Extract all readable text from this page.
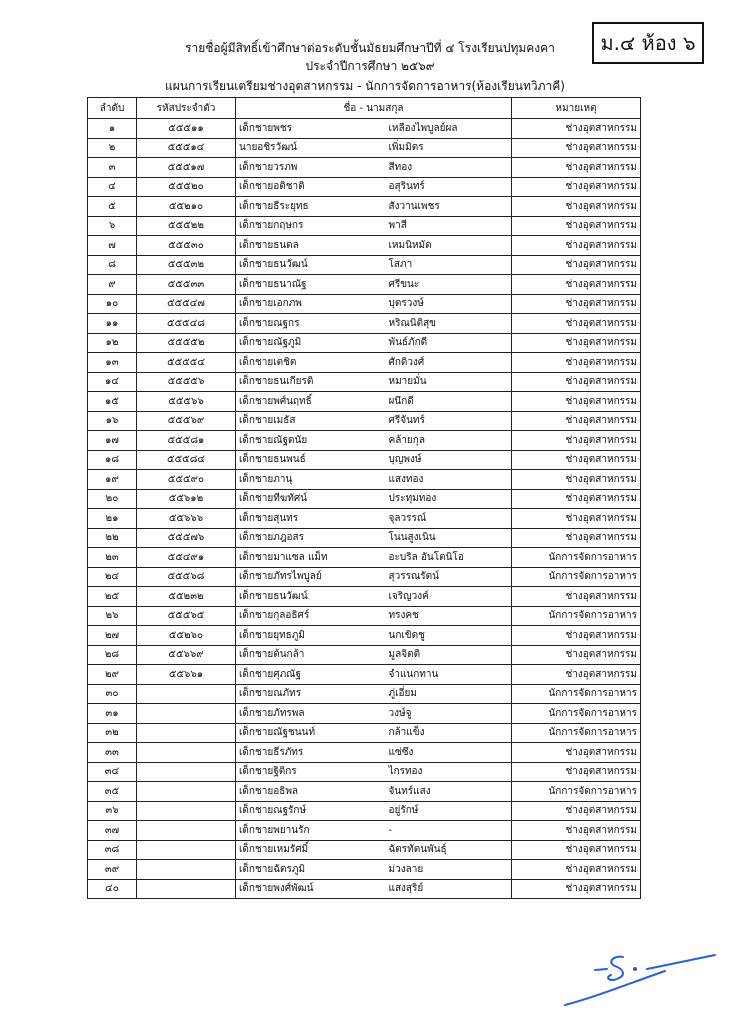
รายชื่อผู้มีสิทธิ์เข้าศึกษาต่อระดับชั้นมัธยมศึกษาปีที่ ๔ โรงเรียนปทุมคงคา
ประจำปีการศึกษา ๒๕๖๙
แผนการเรียนเตรียมช่างอุตสาหกรรม - นักการจัดการอาหาร(ห้องเรียนทวิภาคี)
ม.๔ ห้อง ๖
ลำดับ	รหัสประจำตัว	ชื่อ - นามสกุล		หมายเหตุ
๑	๕๕๕๑๑	เด็กชายพชร	เหลืองไพบูลย์ผล	ช่างอุตสาหกรรม
๒	๕๕๕๑๔	นายอชิรวัฒน์	เพิ่มมิตร	ช่างอุตสาหกรรม
๓	๕๕๕๑๗	เด็กชายวรภพ	สีทอง	ช่างอุตสาหกรรม
๔	๕๕๕๒๐	เด็กชายอติชาติ	อสุรินทร์	ช่างอุตสาหกรรม
๕	๕๕๒๑๐	เด็กชายธีระยุทธ	สังวานเพชร	ช่างอุตสาหกรรม
๖	๕๕๕๒๒	เด็กชายกฤษกร	พาสี	ช่างอุตสาหกรรม
๗	๕๕๕๓๐	เด็กชายธนดล	เหมนิหมัด	ช่างอุตสาหกรรม
๘	๕๕๕๓๒	เด็กชายธนวัฒน์	โสภา	ช่างอุตสาหกรรม
๙	๕๕๕๓๓	เด็กชายธนาณัฐ	ศรีขนะ	ช่างอุตสาหกรรม
๑๐	๕๕๕๔๗	เด็กชายเอกภพ	บุตรวงษ์	ช่างอุตสาหกรรม
๑๑	๕๕๕๔๘	เด็กชายณฐกร	หริณนิติสุข	ช่างอุตสาหกรรม
๑๒	๕๕๕๕๒	เด็กชายณัฐภูมิ	พันธ์ภักดี	ช่างอุตสาหกรรม
๑๓	๕๕๕๕๔	เด็กชายเตชิต	ศักดิวงศ์	ช่างอุตสาหกรรม
๑๔	๕๕๕๕๖	เด็กชายธนเกียรติ	หมายมั่น	ช่างอุตสาหกรรม
๑๕	๕๕๕๖๖	เด็กชายพศ์นฤทธิ์	ผนึกดี	ช่างอุตสาหกรรม
๑๖	๕๕๕๖๙	เด็กชายเมธัส	ศรีจันทร์	ช่างอุตสาหกรรม
๑๗	๕๕๕๘๑	เด็กชายณัฐดนัย	คล้ายกุล	ช่างอุตสาหกรรม
๑๘	๕๕๕๘๔	เด็กชายธนพนธ์	บุญพงษ์	ช่างอุตสาหกรรม
๑๙	๕๕๕๙๐	เด็กชายภานุ	แสงทอง	ช่างอุตสาหกรรม
๒๐	๕๕๖๑๒	เด็กชายทีฆทัศน์	ประทุมทอง	ช่างอุตสาหกรรม
๒๑	๕๕๖๖๖	เด็กชายสุนทร	จุลวรรณ์	ช่างอุตสาหกรรม
๒๒	๕๕๕๗๖	เด็กชายภฎอสร	โนนสูงเนิน	ช่างอุตสาหกรรม
๒๓	๕๕๔๙๑	เด็กชายมาแซล แม็ท	อะบริล อันโตนิโอ	นักการจัดการอาหาร
๒๔	๕๕๕๖๘	เด็กชายภัทรไพบูลย์	สุวรรณรัตน์	นักการจัดการอาหาร
๒๕	๕๕๒๓๒	เด็กชายธนวัฒน์	เจริญวงค์	ช่างอุตสาหกรรม
๒๖	๕๕๕๖๕	เด็กชายกุลอธิศร์	ทรงคช	นักการจัดการอาหาร
๒๗	๕๕๒๖๐	เด็กชายยุทธภูมิ	นกเขิดชู	ช่างอุตสาหกรรม
๒๘	๕๕๖๖๙	เด็กชายต้นกล้า	มูลจิตติ	ช่างอุตสาหกรรม
๒๙	๕๕๖๖๑	เด็กชายศุภณัฐ	จำแนกทาน	ช่างอุตสาหกรรม
๓๐		เด็กชายณภัทร	ภู่เอี่ยม	นักการจัดการอาหาร
๓๑		เด็กชายภัทรพล	วงษ์จู	นักการจัดการอาหาร
๓๒		เด็กชายณัฐชนนท์	กล้าแข็ง	นักการจัดการอาหาร
๓๓		เด็กชายธีรภัทร	แซ่ซึง	ช่างอุตสาหกรรม
๓๔		เด็กชายฐิติกร	ไกรทอง	ช่างอุตสาหกรรม
๓๕		เด็กชายอธิพล	จันทร์แสง	นักการจัดการอาหาร
๓๖		เด็กชายณฐรักษ์	อยู่รักษ์	ช่างอุตสาหกรรม
๓๗		เด็กชายพยานรัก	-	ช่างอุตสาหกรรม
๓๘		เด็กชายเหมรัศมิ์	ฉัตรทัตนพันธุ์	ช่างอุตสาหกรรม
๓๙		เด็กชายฉัตรภูมิ	ม่วงลาย	ช่างอุตสาหกรรม
๔๐		เด็กชายพงศ์พัฒน์	แสงสุริย์	ช่างอุตสาหกรรม
